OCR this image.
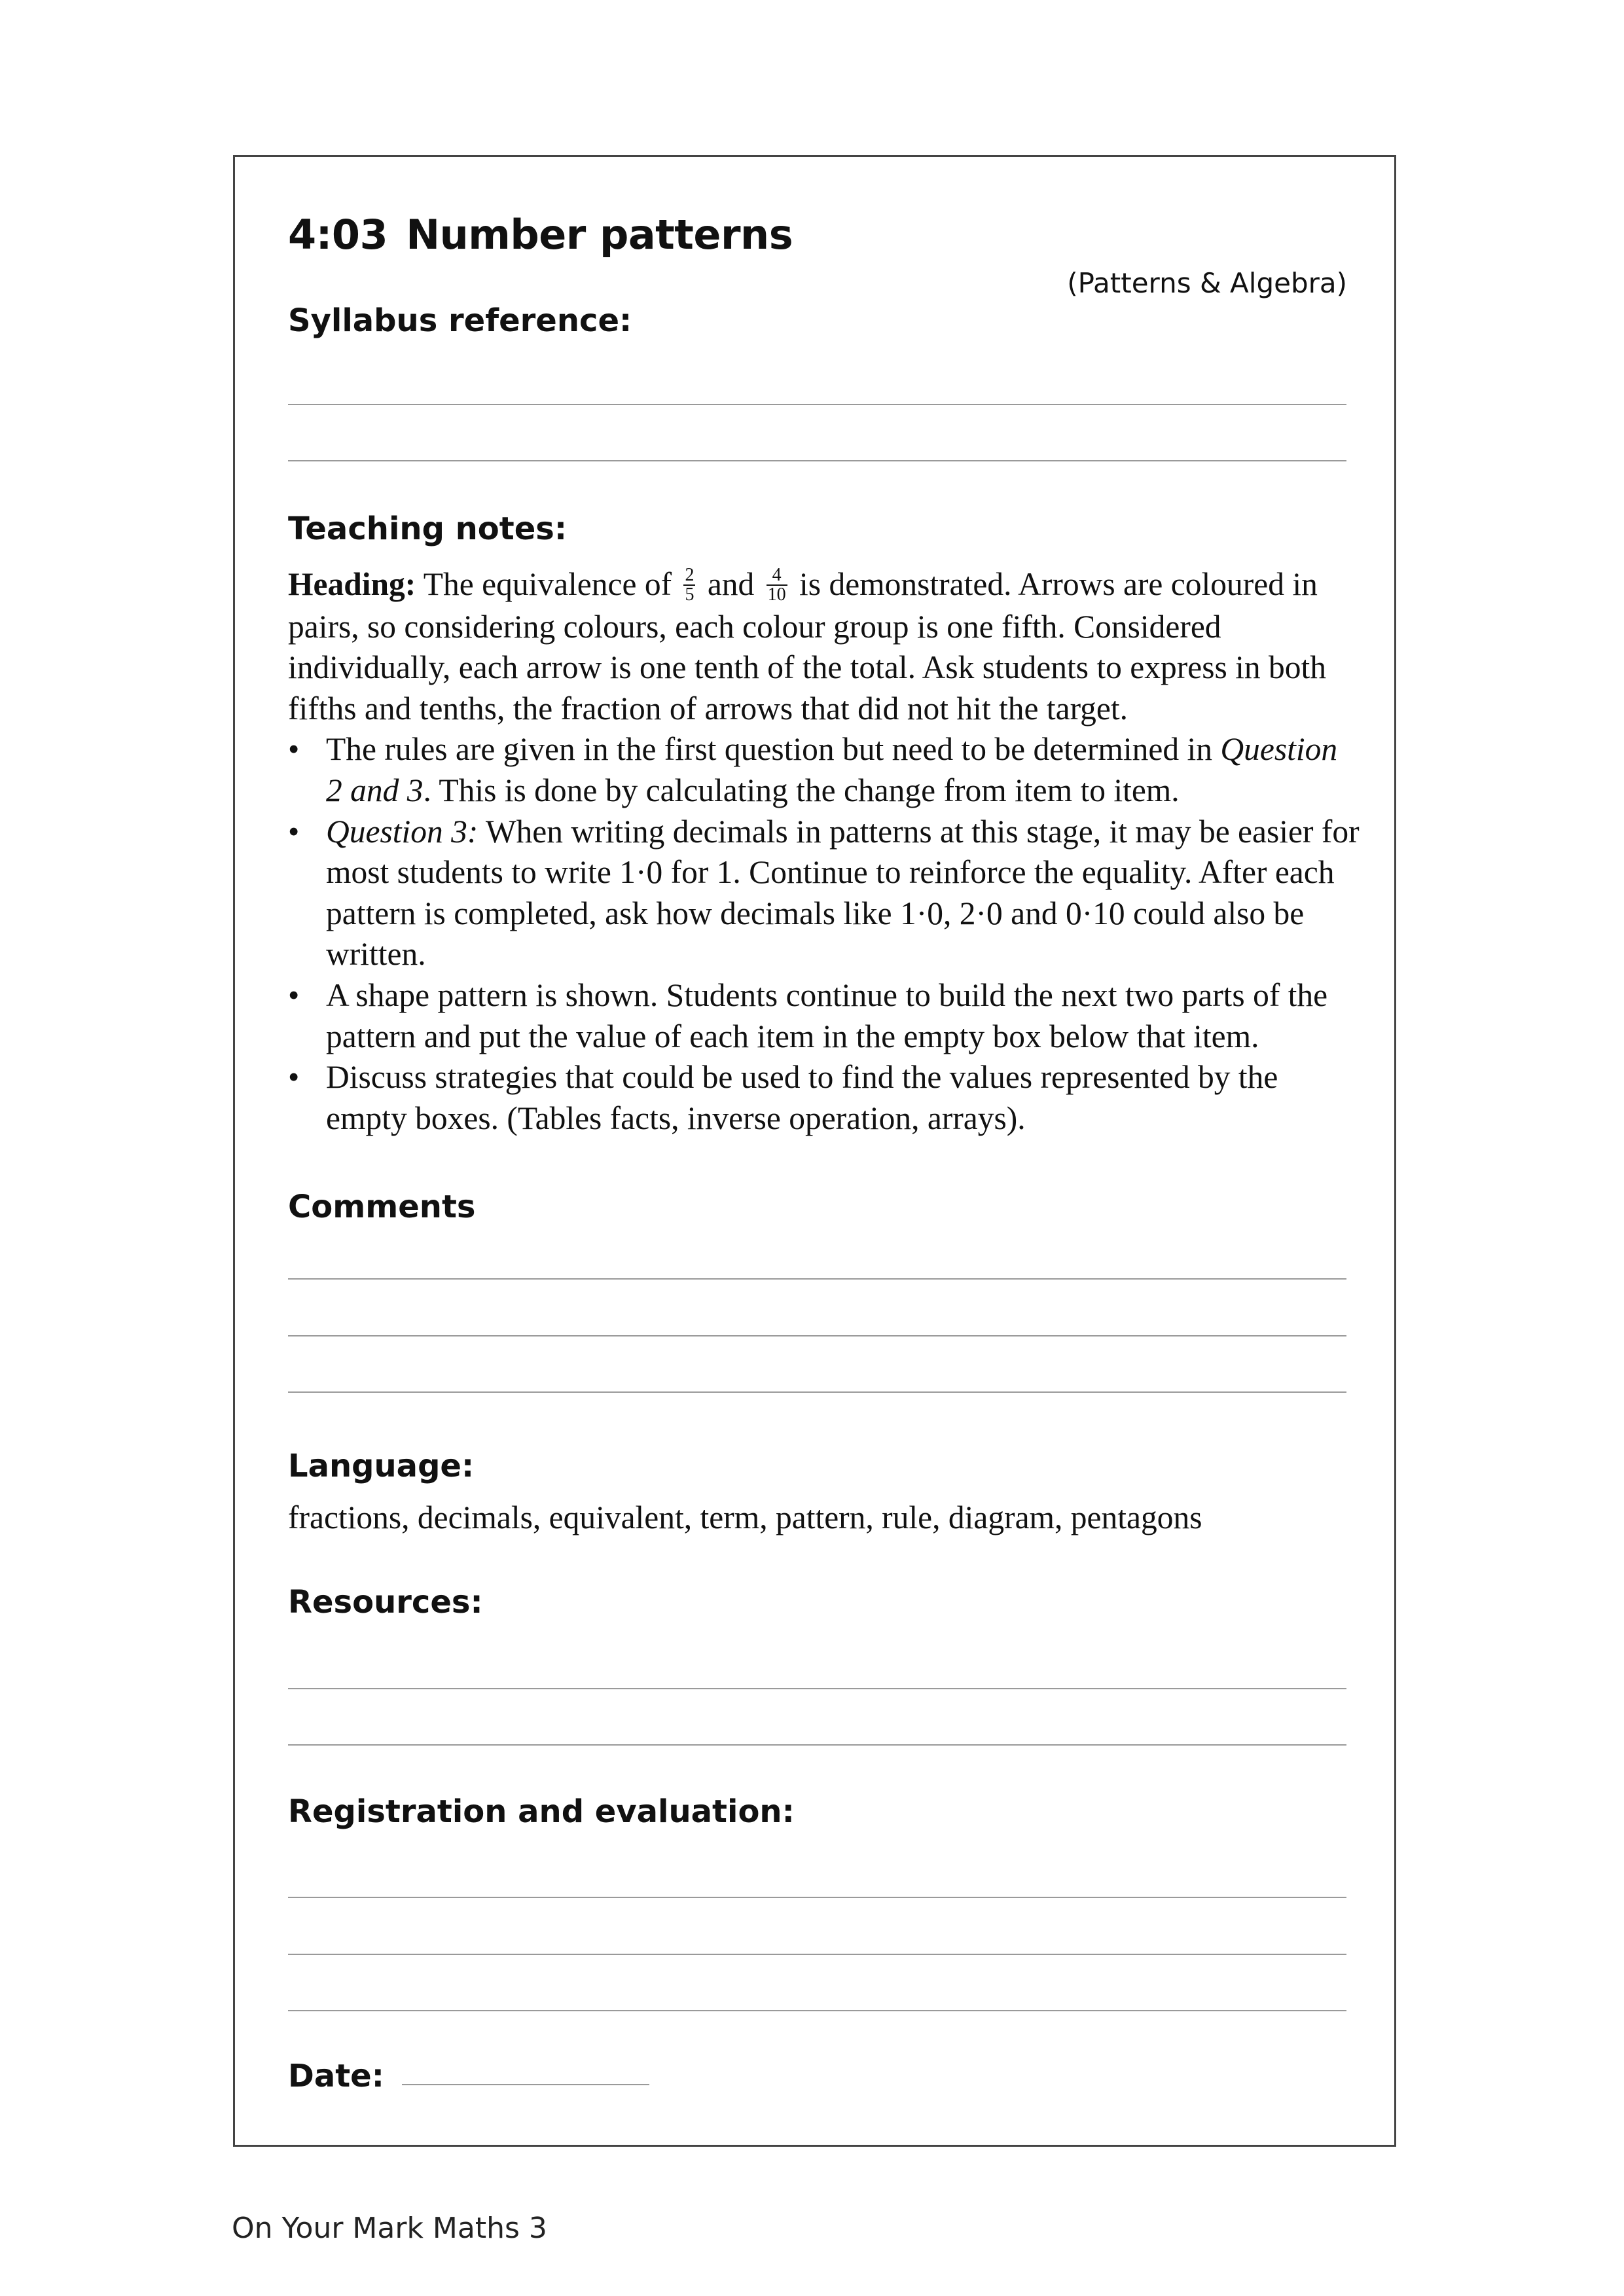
4:03 Number patterns
(Patterns & Algebra)
Syllabus reference:
Teaching notes:

Heading: The equivalence of $\frac{2}{5}$ and $\frac{4}{10}$ is demonstrated. Arrows are coloured in pairs, so considering colours, each colour group is one fifth. Considered individually, each arrow is one tenth of the total. Ask students to express in both fifths and tenths, the fraction of arrows that did not hit the target.

• The rules are given in the first question but need to be determined in Question 2 and 3. This is done by calculating the change from item to item.
• Question 3: When writing decimals in patterns at this stage, it may be easier for most students to write 1·0 for 1. Continue to reinforce the equality. After each pattern is completed, ask how decimals like 1·0, 2·0 and 0·10 could also be written.
• A shape pattern is shown. Students continue to build the next two parts of the pattern and put the value of each item in the empty box below that item.
• Discuss strategies that could be used to find the values represented by the empty boxes. (Tables facts, inverse operation, arrays).
Comments
Language:
fractions, decimals, equivalent, term, pattern, rule, diagram, pentagons
Resources:
Registration and evaluation:
Date:
On Your Mark Maths 3
